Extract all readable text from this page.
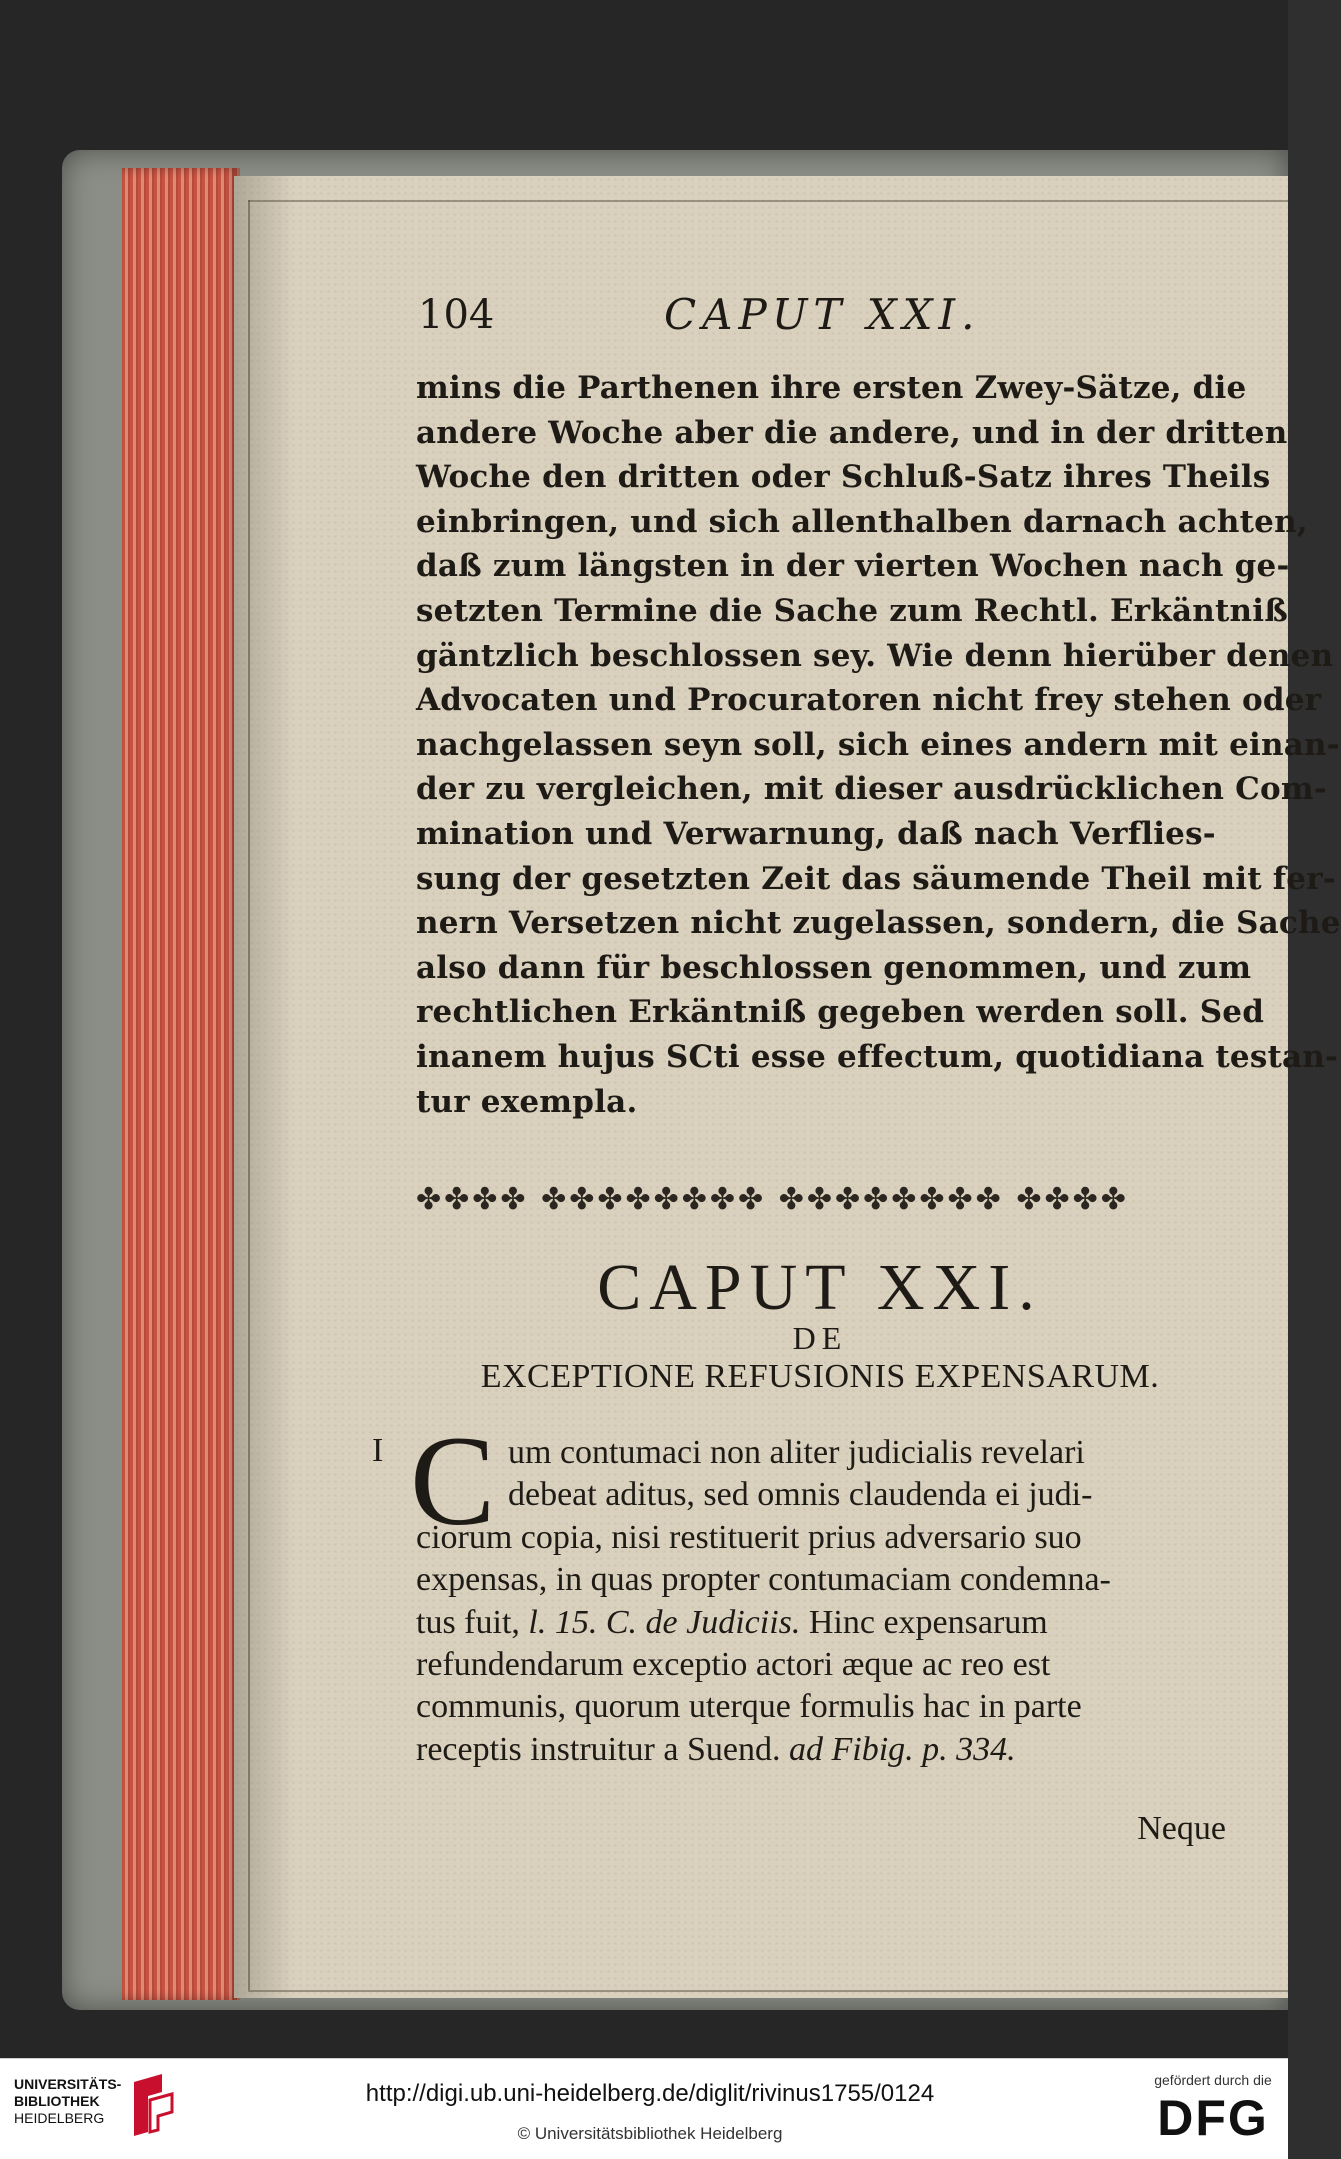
104	CAPUT XXI.
mins die Parthenen ihre ersten Zwey-Sätze, die
andere Woche aber die andere, und in der dritten
Woche den dritten oder Schluß-Satz ihres Theils
einbringen, und sich allenthalben darnach achten,
daß zum längsten in der vierten Wochen nach ge-
setzten Termine die Sache zum Rechtl. Erkäntniß
gäntzlich beschlossen sey. Wie denn hierüber denen
Advocaten und Procuratoren nicht frey stehen oder
nachgelassen seyn soll, sich eines andern mit einan-
der zu vergleichen, mit dieser ausdrücklichen Com-
mination und Verwarnung, daß nach Verflies-
sung der gesetzten Zeit das säumende Theil mit fer-
nern Versetzen nicht zugelassen, sondern, die Sache
also dann für beschlossen genommen, und zum
rechtlichen Erkäntniß gegeben werden soll. Sed
inanem hujus SCti esse effectum, quotidiana testan-
tur exempla.
✤✤✤✤ ✤✤✤✤✤✤✤✤ ✤✤✤✤✤✤✤✤ ✤✤✤✤
CAPUT XXI.
DE
EXCEPTIONE REFUSIONIS EXPENSARUM.
I C um contumaci non aliter judicialis revelari
debeat aditus, sed omnis claudenda ei judi-
ciorum copia, nisi restituerit prius adversario suo
expensas, in quas propter contumaciam condemna-
tus fuit, l. 15. C. de Judiciis. Hinc expensarum
refundendarum exceptio actori æque ac reo est
communis, quorum uterque formulis hac in parte
receptis instruitur a Suend. ad Fibig. p. 334.
Neque
UNIVERSITÄTS-
BIBLIOTHEK
HEIDELBERG
http://digi.ub.uni-heidelberg.de/diglit/rivinus1755/0124
© Universitätsbibliothek Heidelberg
gefördert durch die
DFG
